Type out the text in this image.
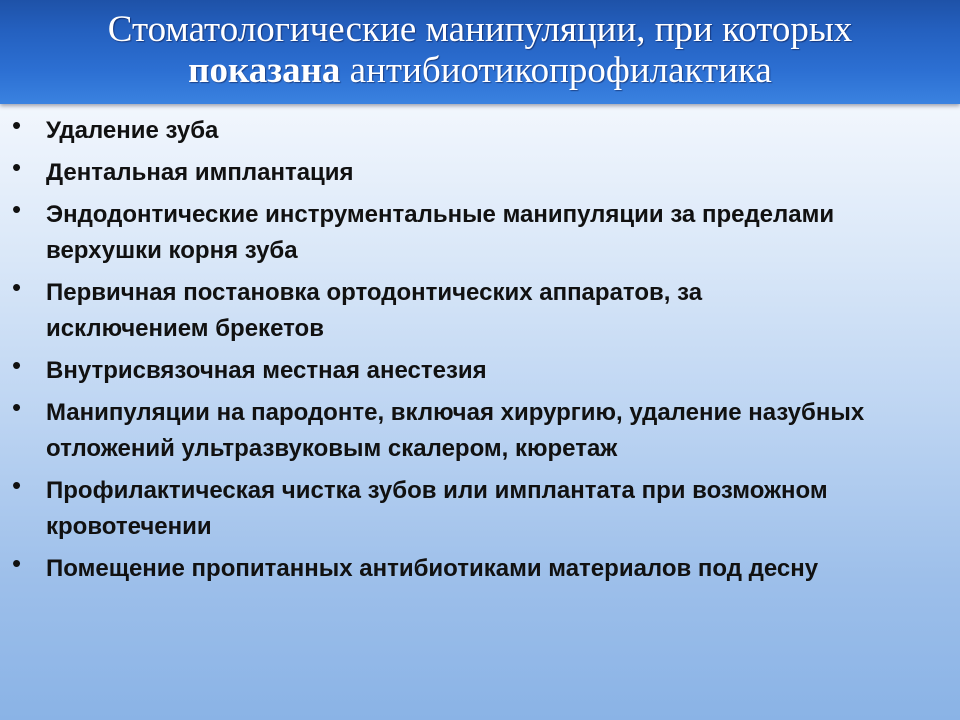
Стоматологические манипуляции, при которых
показана антибиотикопрофилактика
• Удаление зуба
• Дентальная имплантация
• Эндодонтические инструментальные манипуляции за пределами
верхушки корня зуба
• Первичная постановка ортодонтических аппаратов, за
исключением брекетов
• Внутрисвязочная местная анестезия
• Манипуляции на пародонте, включая хирургию, удаление назубных
отложений ультразвуковым скалером, кюретаж
• Профилактическая чистка зубов или имплантата при возможном
кровотечении
• Помещение пропитанных антибиотиками материалов под десну
